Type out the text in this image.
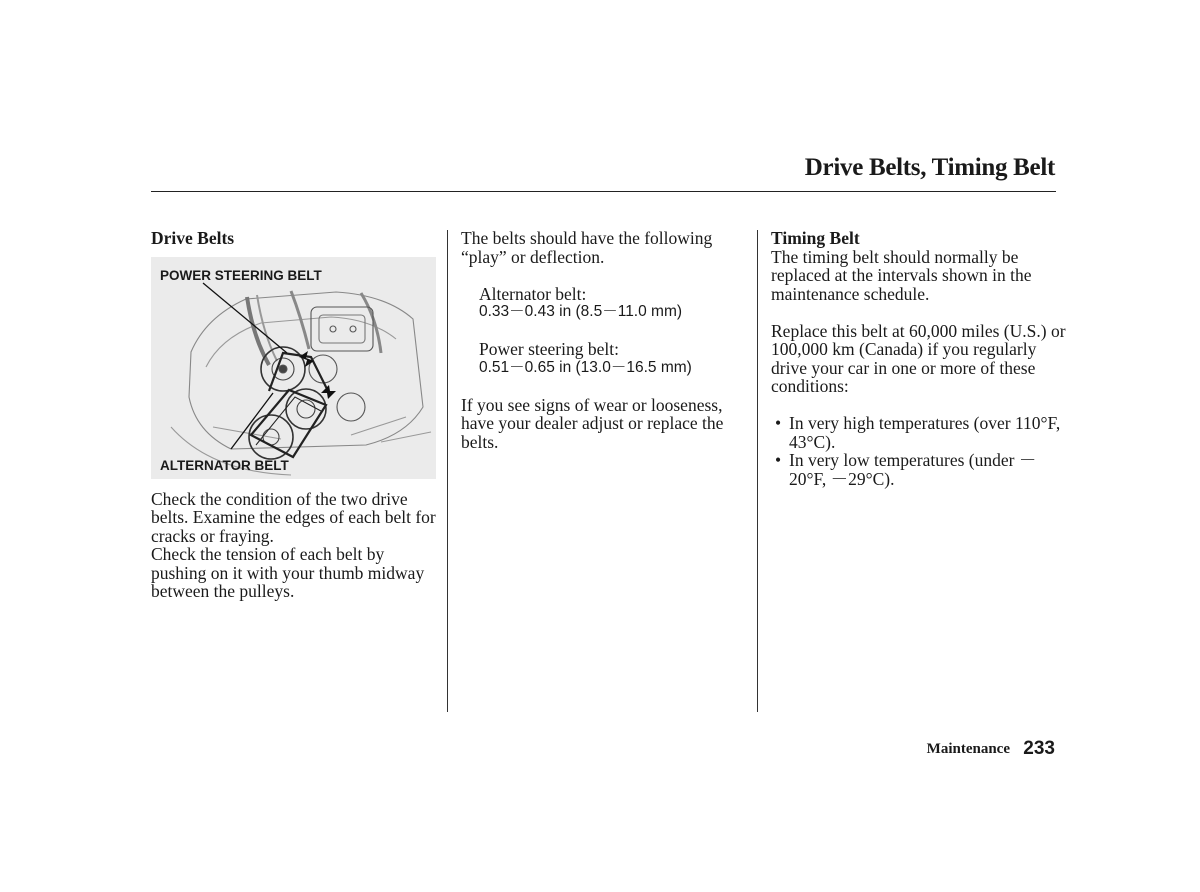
Drive Belts, Timing Belt

Drive Belts

POWER STEERING BELT
ALTERNATOR BELT

Check the condition of the two drive belts. Examine the edges of each belt for cracks or fraying.

Check the tension of each belt by pushing on it with your thumb midway between the pulleys.

The belts should have the following “play” or deflection.

Alternator belt:

0.33－0.43 in (8.5－11.0 mm)

Power steering belt:

0.51－0.65 in (13.0－16.5 mm)

If you see signs of wear or looseness, have your dealer adjust or replace the belts.

Timing Belt

The timing belt should normally be replaced at the intervals shown in the maintenance schedule.

Replace this belt at 60,000 miles (U.S.) or 100,000 km (Canada) if you regularly drive your car in one or more of these conditions:

• In very high temperatures (over 110°F, 43°C).
• In very low temperatures (under －20°F, －29°C).
Maintenance 233
